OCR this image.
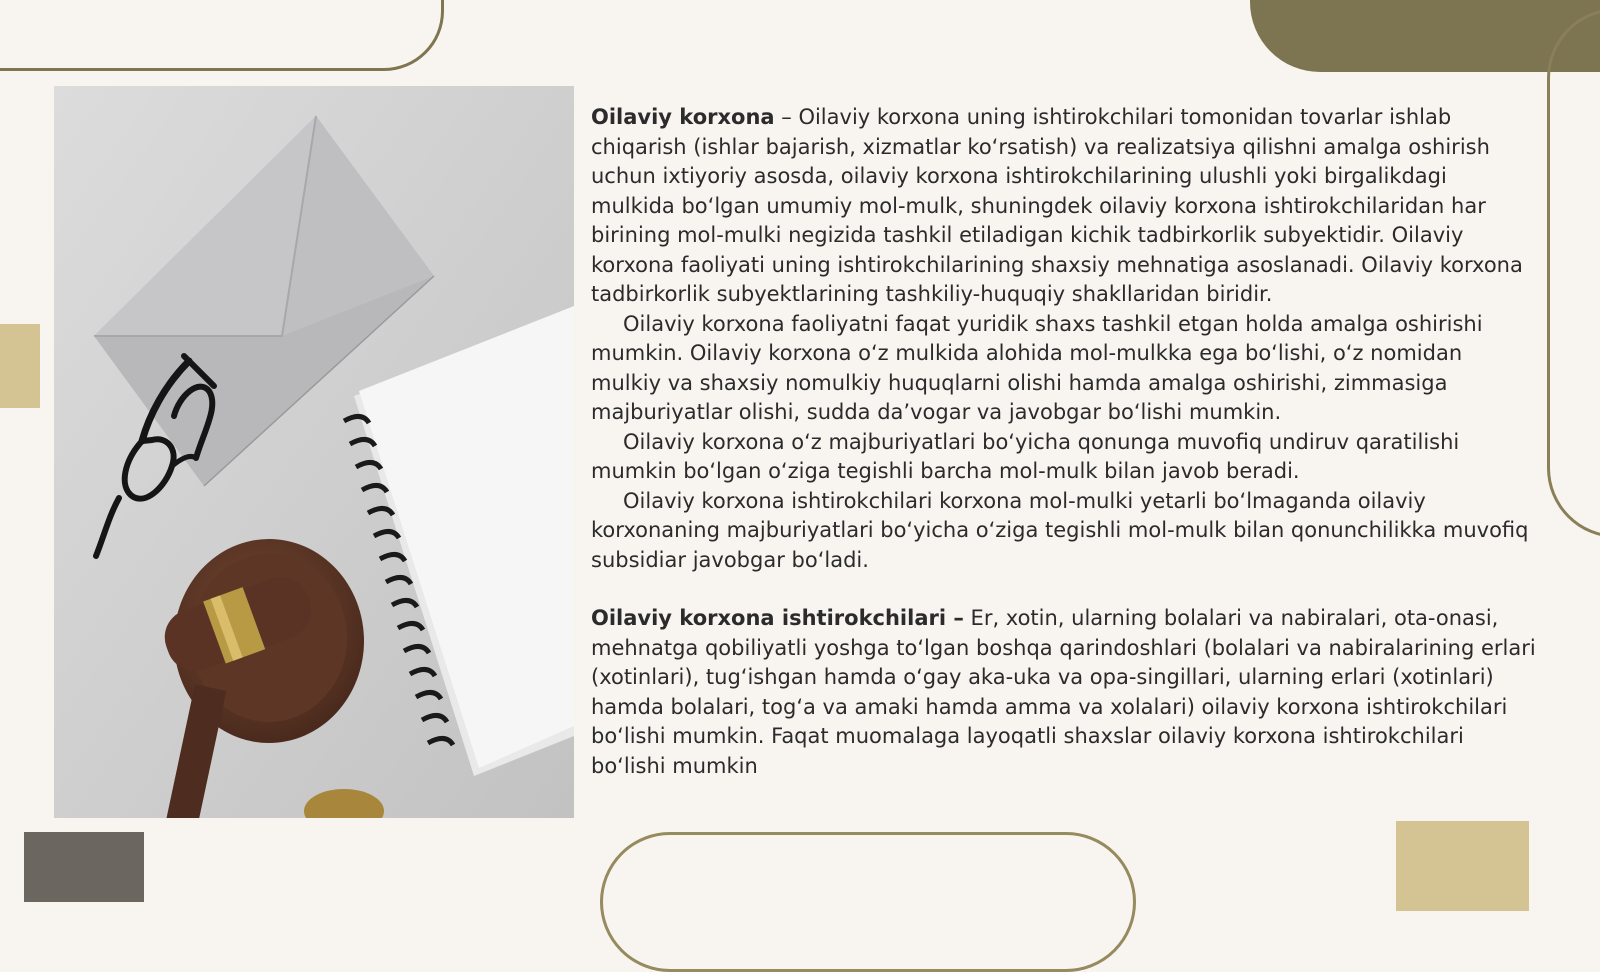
Oilaviy korxona – Oilaviy korxona uning ishtirokchilari tomonidan tovarlar ishlab chiqarish (ishlar bajarish, xizmatlar ko‘rsatish) va realizatsiya qilishni amalga oshirish uchun ixtiyoriy asosda, oilaviy korxona ishtirokchilarining ulushli yoki birgalikdagi mulkida bo‘lgan umumiy mol-mulk, shuningdek oilaviy korxona ishtirokchilaridan har birining mol-mulki negizida tashkil etiladigan kichik tadbirkorlik subyektidir. Oilaviy korxona faoliyati uning ishtirokchilarining shaxsiy mehnatiga asoslanadi. Oilaviy korxona tadbirkorlik subyektlarining tashkiliy-huquqiy shakllaridan biridir.

Oilaviy korxona faoliyatni faqat yuridik shaxs tashkil etgan holda amalga oshirishi mumkin. Oilaviy korxona o‘z mulkida alohida mol-mulkka ega bo‘lishi, o‘z nomidan mulkiy va shaxsiy nomulkiy huquqlarni olishi hamda amalga oshirishi, zimmasiga majburiyatlar olishi, sudda da’vogar va javobgar bo‘lishi mumkin.

Oilaviy korxona o‘z majburiyatlari bo‘yicha qonunga muvofiq undiruv qaratilishi mumkin bo‘lgan o‘ziga tegishli barcha mol-mulk bilan javob beradi.

Oilaviy korxona ishtirokchilari korxona mol-mulki yetarli bo‘lmaganda oilaviy korxonaning majburiyatlari bo‘yicha o‘ziga tegishli mol-mulk bilan qonunchilikka muvofiq subsidiar javobgar bo‘ladi.

Oilaviy korxona ishtirokchilari – Er, xotin, ularning bolalari va nabiralari, ota-onasi, mehnatga qobiliyatli yoshga to‘lgan boshqa qarindoshlari (bolalari va nabiralarining erlari (xotinlari), tug‘ishgan hamda o‘gay aka-uka va opa-singillari, ularning erlari (xotinlari) hamda bolalari, tog‘a va amaki hamda amma va xolalari) oilaviy korxona ishtirokchilari bo‘lishi mumkin. Faqat muomalaga layoqatli shaxslar oilaviy korxona ishtirokchilari bo‘lishi mumkin
